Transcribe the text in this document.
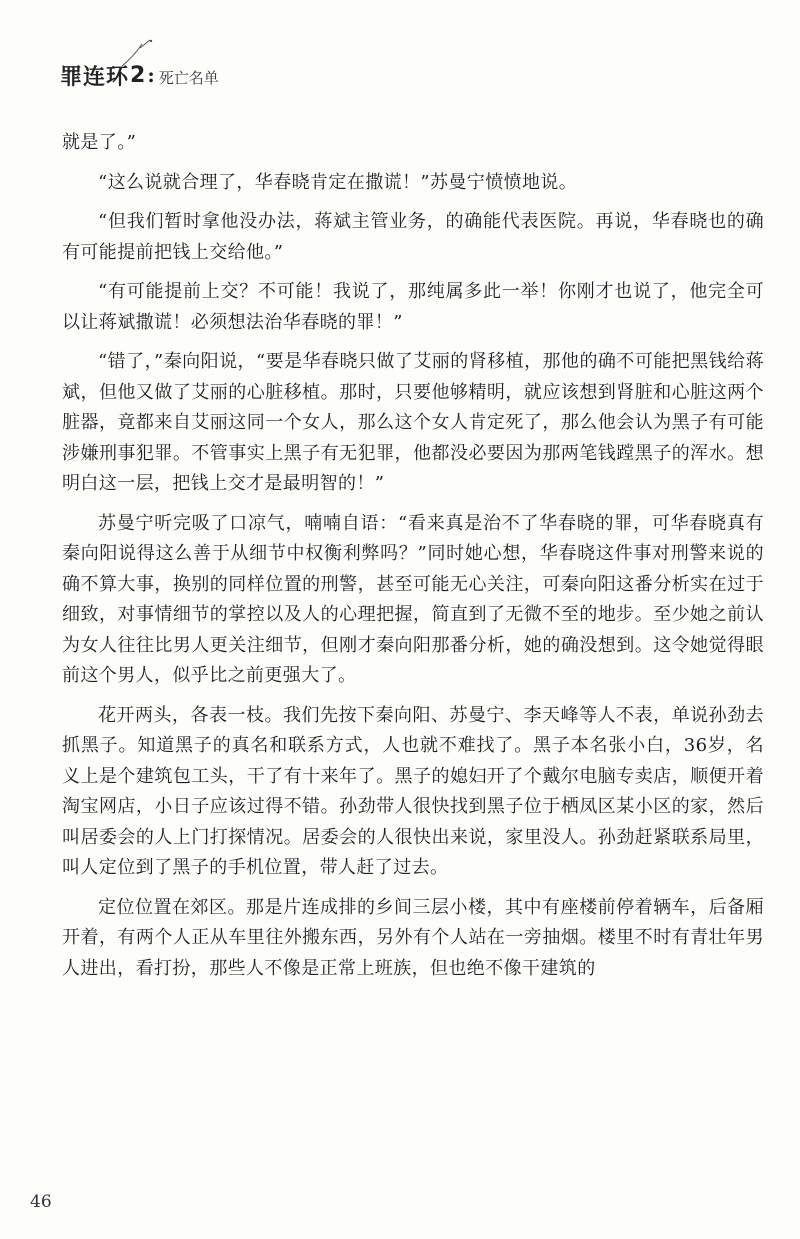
罪连环 2 : 死亡名单

就是了。”

“这么说就合理了，华春晓肯定在撒谎！”苏曼宁愤愤地说。

“但我们暂时拿他没办法，蒋斌主管业务，的确能代表医院。再说，华春晓也的确有可能提前把钱上交给他。”

“有可能提前上交？不可能！我说了，那纯属多此一举！你刚才也说了，他完全可以让蒋斌撒谎！必须想法治华春晓的罪！”

“错了，”秦向阳说，“要是华春晓只做了艾丽的肾移植，那他的确不可能把黑钱给蒋斌，但他又做了艾丽的心脏移植。那时，只要他够精明，就应该想到肾脏和心脏这两个脏器，竟都来自艾丽这同一个女人，那么这个女人肯定死了，那么他会认为黑子有可能涉嫌刑事犯罪。不管事实上黑子有无犯罪，他都没必要因为那两笔钱蹚黑子的浑水。想明白这一层，把钱上交才是最明智的！”

苏曼宁听完吸了口凉气，喃喃自语：“看来真是治不了华春晓的罪，可华春晓真有秦向阳说得这么善于从细节中权衡利弊吗？”同时她心想，华春晓这件事对刑警来说的确不算大事，换别的同样位置的刑警，甚至可能无心关注，可秦向阳这番分析实在过于细致，对事情细节的掌控以及人的心理把握，简直到了无微不至的地步。至少她之前认为女人往往比男人更关注细节，但刚才秦向阳那番分析，她的确没想到。这令她觉得眼前这个男人，似乎比之前更强大了。

花开两头，各表一枝。我们先按下秦向阳、苏曼宁、李天峰等人不表，单说孙劲去抓黑子。知道黑子的真名和联系方式，人也就不难找了。黑子本名张小白，36岁，名义上是个建筑包工头，干了有十来年了。黑子的媳妇开了个戴尔电脑专卖店，顺便开着淘宝网店，小日子应该过得不错。孙劲带人很快找到黑子位于栖凤区某小区的家，然后叫居委会的人上门打探情况。居委会的人很快出来说，家里没人。孙劲赶紧联系局里，叫人定位到了黑子的手机位置，带人赶了过去。

定位位置在郊区。那是片连成排的乡间三层小楼，其中有座楼前停着辆车，后备厢开着，有两个人正从车里往外搬东西，另外有个人站在一旁抽烟。楼里不时有青壮年男人进出，看打扮，那些人不像是正常上班族，但也绝不像干建筑的

46
